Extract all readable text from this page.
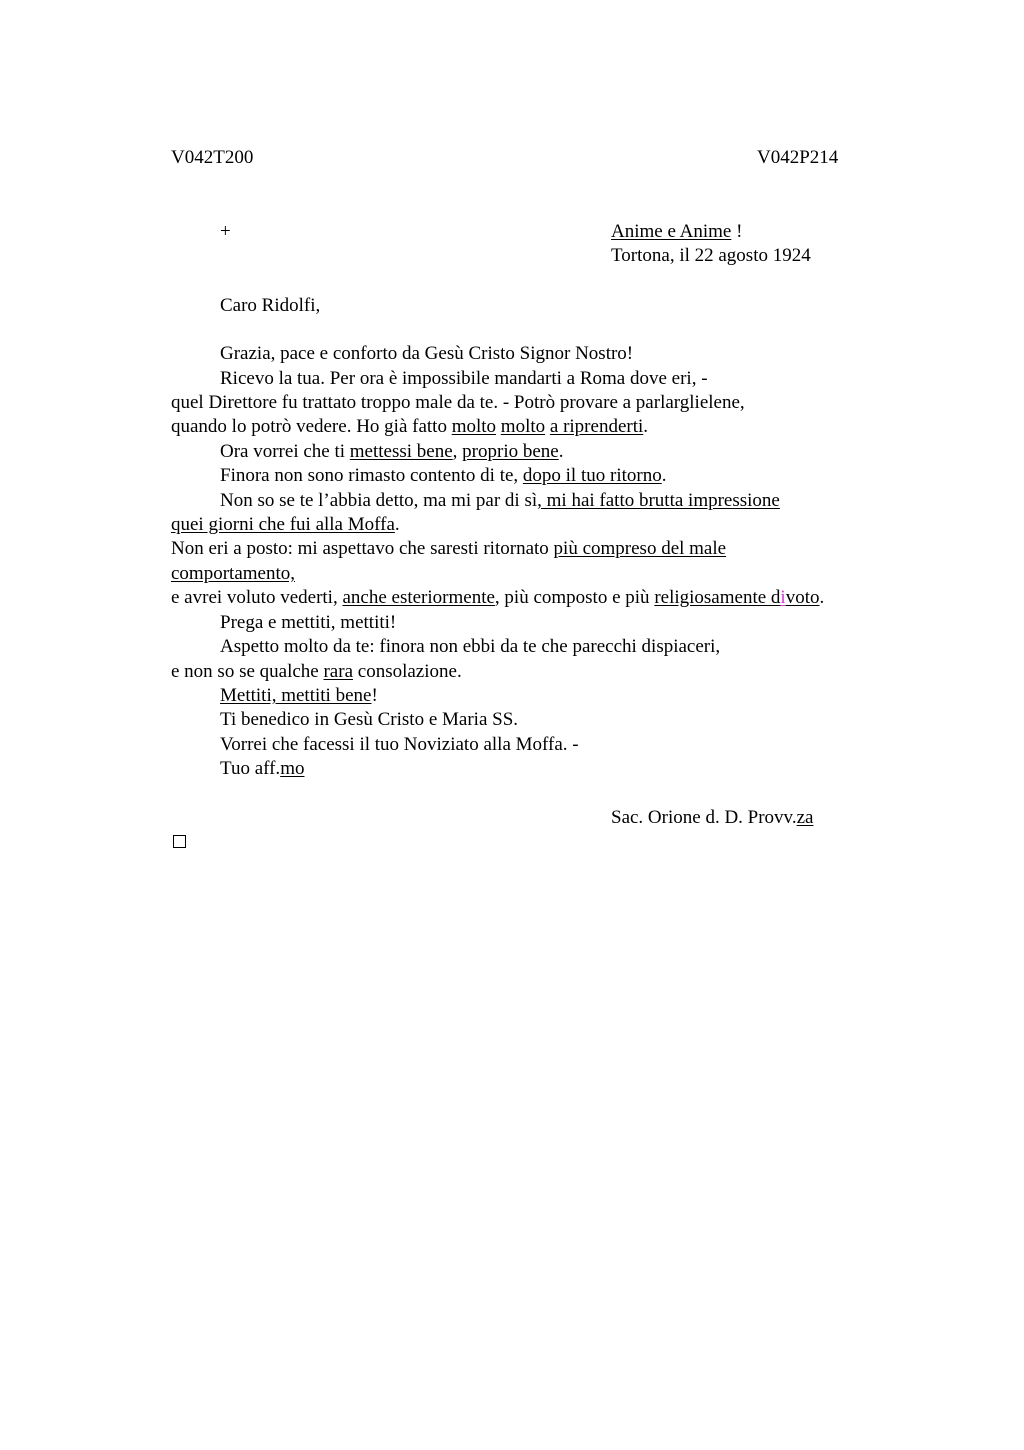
V042T200	V042P214
+	Anime e Anime !
Tortona, il 22 agosto 1924
Caro Ridolfi,
Grazia, pace e conforto da Gesù Cristo Signor Nostro!
Ricevo la tua. Per ora è impossibile mandarti a Roma dove eri, -
quel Direttore fu trattato troppo male da te. - Potrò provare a parlarglielene,
quando lo potrò vedere. Ho già fatto molto molto a riprenderti.
Ora vorrei che ti mettessi bene, proprio bene.
Finora non sono rimasto contento di te, dopo il tuo ritorno.
Non so se te l’abbia detto, ma mi par di sì, mi hai fatto brutta impressione
quei giorni che fui alla Moffa.
Non eri a posto: mi aspettavo che saresti ritornato più compreso del male
comportamento,
e avrei voluto vederti, anche esteriormente, più composto e più religiosamente divoto.
Prega e mettiti, mettiti!
Aspetto molto da te: finora non ebbi da te che parecchi dispiaceri,
e non so se qualche rara consolazione.
Mettiti, mettiti bene!
Ti benedico in Gesù Cristo e Maria SS.
Vorrei che facessi il tuo Noviziato alla Moffa. -
Tuo aff.mo
Sac. Orione d. D. Provv.za
